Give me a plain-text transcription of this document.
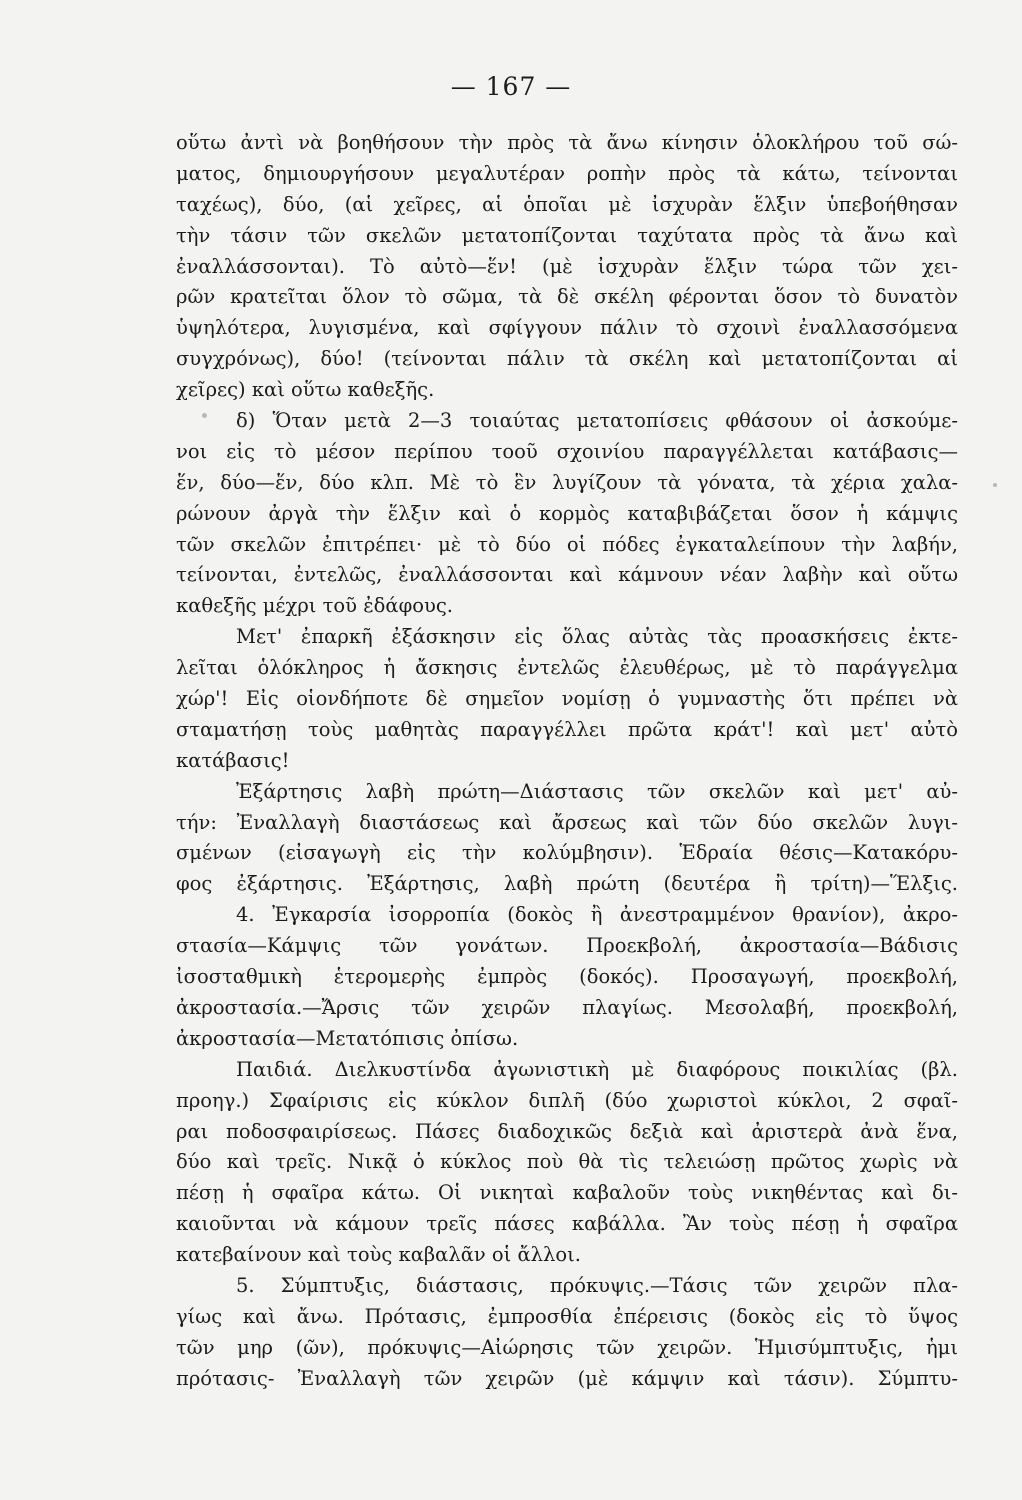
— 167 —
οὕτω ἀντὶ νὰ βοηθήσουν τὴν πρὸς τὰ ἄνω κίνησιν ὁλοκλήρου τοῦ σώ-
ματος, δημιουργήσουν μεγαλυτέραν ροπὴν πρὸς τὰ κάτω, τείνονται
ταχέως), δύο, (αἱ χεῖρες, αἱ ὁποῖαι μὲ ἰσχυρὰν ἕλξιν ὑπεβοήθησαν
τὴν τάσιν τῶν σκελῶν μετατοπίζονται ταχύτατα πρὸς τὰ ἄνω καὶ
ἐναλλάσσονται). Τὸ αὐτὸ—ἕν! (μὲ ἰσχυρὰν ἕλξιν τώρα τῶν χει-
ρῶν κρατεῖται ὅλον τὸ σῶμα, τὰ δὲ σκέλη φέρονται ὅσον τὸ δυνατὸν
ὑψηλότερα, λυγισμένα, καὶ σφίγγουν πάλιν τὸ σχοινὶ ἐναλλασσόμενα
συγχρόνως), δύο! (τείνονται πάλιν τὰ σκέλη καὶ μετατοπίζονται αἱ
χεῖρες) καὶ οὕτω καθεξῆς.
δ) Ὅταν μετὰ 2—3 τοιαύτας μετατοπίσεις φθάσουν οἱ ἀσκούμε-
νοι εἰς τὸ μέσον περίπου τοοῦ σχοινίου παραγγέλλεται κατάβασις—
ἕν, δύο—ἕν, δύο κλπ. Μὲ τὸ ἓν λυγίζουν τὰ γόνατα, τὰ χέρια χαλα-
ρώνουν ἀργὰ τὴν ἕλξιν καὶ ὁ κορμὸς καταβιβάζεται ὅσον ἡ κάμψις
τῶν σκελῶν ἐπιτρέπει· μὲ τὸ δύο οἱ πόδες ἐγκαταλείπουν τὴν λαβήν,
τείνονται, ἐντελῶς, ἐναλλάσσονται καὶ κάμνουν νέαν λαβὴν καὶ οὕτω
καθεξῆς μέχρι τοῦ ἐδάφους.
Μετ' ἐπαρκῆ ἐξάσκησιν εἰς ὅλας αὐτὰς τὰς προασκήσεις ἐκτε-
λεῖται ὁλόκληρος ἡ ἄσκησις ἐντελῶς ἐλευθέρως, μὲ τὸ παράγγελμα
χώρ'! Εἰς οἱονδήποτε δὲ σημεῖον νομίσῃ ὁ γυμναστὴς ὅτι πρέπει νὰ
σταματήσῃ τοὺς μαθητὰς παραγγέλλει πρῶτα κράτ'! καὶ μετ' αὐτὸ
κατάβασις!
Ἐξάρτησις λαβὴ πρώτη—Διάστασις τῶν σκελῶν καὶ μετ' αὐ-
τήν: Ἐναλλαγὴ διαστάσεως καὶ ἄρσεως καὶ τῶν δύο σκελῶν λυγι-
σμένων (εἰσαγωγὴ εἰς τὴν κολύμβησιν). Ἑδραία θέσις—Κατακόρυ-
φος ἐξάρτησις. Ἐξάρτησις, λαβὴ πρώτη (δευτέρα ἢ τρίτη)—Ἕλξις.
4. Ἐγκαρσία ἰσορροπία (δοκὸς ἢ ἀνεστραμμένον θρανίον), ἀκρο-
στασία—Κάμψις τῶν γονάτων. Προεκβολή, ἀκροστασία—Βάδισις
ἰσοσταθμικὴ ἑτερομερὴς ἐμπρὸς (δοκός). Προσαγωγή, προεκβολή,
ἀκροστασία.—Ἄρσις τῶν χειρῶν πλαγίως. Μεσολαβή, προεκβολή,
ἀκροστασία—Μετατόπισις ὀπίσω.
Παιδιά. Διελκυστίνδα ἀγωνιστικὴ μὲ διαφόρους ποικιλίας (βλ.
προηγ.) Σφαίρισις εἰς κύκλον διπλῆ (δύο χωριστοὶ κύκλοι, 2 σφαῖ-
ραι ποδοσφαιρίσεως. Πάσες διαδοχικῶς δεξιὰ καὶ ἀριστερὰ ἀνὰ ἕνα,
δύο καὶ τρεῖς. Νικᾷ ὁ κύκλος ποὺ θὰ τὶς τελειώσῃ πρῶτος χωρὶς νὰ
πέσῃ ἡ σφαῖρα κάτω. Οἱ νικηταὶ καβαλοῦν τοὺς νικηθέντας καὶ δι-
καιοῦνται νὰ κάμουν τρεῖς πάσες καβάλλα. Ἂν τοὺς πέσῃ ἡ σφαῖρα
κατεβαίνουν καὶ τοὺς καβαλᾶν οἱ ἄλλοι.
5. Σύμπτυξις, διάστασις, πρόκυψις.—Τάσις τῶν χειρῶν πλα-
γίως καὶ ἄνω. Πρότασις, ἐμπροσθία ἐπέρεισις (δοκὸς εἰς τὸ ὕψος
τῶν μηρ (ῶν), πρόκυψις—Αἰώρησις τῶν χειρῶν. Ἡμισύμπτυξις, ἡμι
πρότασις- Ἐναλλαγὴ τῶν χειρῶν (μὲ κάμψιν καὶ τάσιν). Σύμπτυ-
